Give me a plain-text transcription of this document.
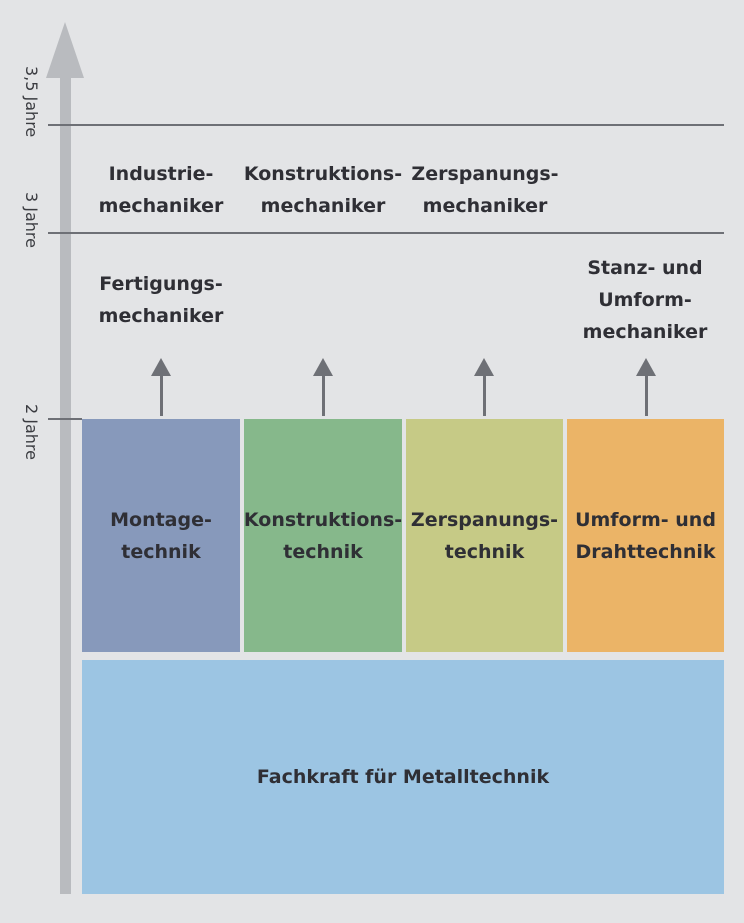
3,5 Jahre
3 Jahre
2 Jahre
Industrie-
mechaniker
Konstruktions-
mechaniker
Zerspanungs-
mechaniker
Fertigungs-
mechaniker
Stanz- und
Umform-
mechaniker
Montage-
technik
Konstruktions-
technik
Zerspanungs-
technik
Umform- und
Drahttechnik
Fachkraft für Metalltechnik
